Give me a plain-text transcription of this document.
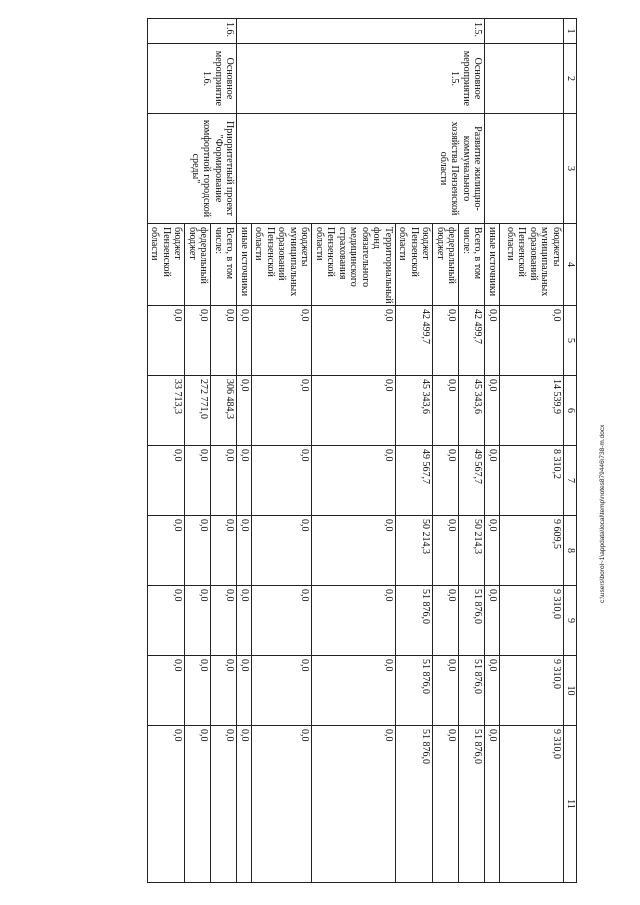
1	2	3	4	5	6	7	8	9	10	11
			бюджеты муниципальных образований Пензенской области	0,0	14 539,9	8 310,2	9 609,5	9 310,0	9 310,0	9 310,0
			иные источники	0,0	0,0	0,0	0,0	0,0	0,0	0,0
1.5.	Основное мероприятие 1.5.	Развитие жилищно-коммунального хозяйства Пензенской области	Всего, в том числе:	42 499,7	45 343,6	49 567,7	50 214,3	51 876,0	51 876,0	51 876,0
			федеральный бюджет	0,0	0,0	0,0	0,0	0,0	0,0	0,0
			бюджет Пензенской области	42 499,7	45 343,6	49 567,7	50 214,3	51 876,0	51 876,0	51 876,0
			Территориальный фонд обязательного медицинского страхования Пензенской области	0,0	0,0	0,0	0,0	0,0	0,0	0,0
			бюджеты муниципальных образований Пензенской области	0,0	0,0	0,0	0,0	0,0	0,0	0,0
			иные источники	0,0	0,0	0,0	0,0	0,0	0,0	0,0
1.6.	Основное мероприятие 1.6.	Приоритетный проект "Формирование комфортной городской среды"	Всего, в том числе:	0,0	306 484,3	0,0	0,0	0,0	0,0	0,0
			федеральный бюджет	0,0	272 771,0	0,0	0,0	0,0	0,0	0,0
			бюджет Пензенской области	0,0	33 713,3	0,0	0,0	0,0	0,0	0,0
c:\users\borol~1\appdata\local\temp\notes879446\738-m.docx
